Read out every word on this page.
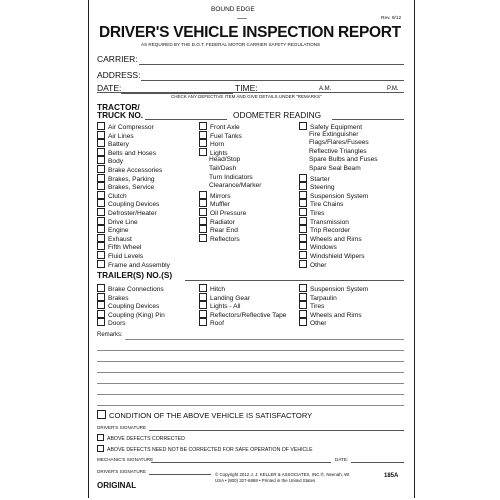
BOUND EDGE
Rev. 9/12
DRIVER'S VEHICLE INSPECTION REPORT
AS REQUIRED BY THE D.O.T. FEDERAL MOTOR CARRIER SAFETY REGULATIONS
CARRIER:
ADDRESS:
DATE:	TIME:	A.M.	P.M.
CHECK ANY DEFECTIVE ITEM AND GIVE DETAILS UNDER "REMARKS"
TRACTOR/
TRUCK NO.	ODOMETER READING
Air Compressor
Air Lines
Battery
Belts and Hoses
Body
Brake Accessories
Brakes, Parking
Brakes, Service
Clutch
Coupling Devices
Defroster/Heater
Drive Line
Engine
Exhaust
Fifth Wheel
Fluid Levels
Frame and Assembly
Front Axle
Fuel Tanks
Horn
Lights
Head/Stop
Tail/Dash
Turn Indicators
Clearance/Marker
Mirrors
Muffler
Oil Pressure
Radiator
Rear End
Reflectors
Safety Equipment
Fire Extinguisher
Flags/Flares/Fusees
Reflective Triangles
Spare Bulbs and Fuses
Spare Seal Beam
Starter
Steering
Suspension System
Tire Chains
Tires
Transmission
Trip Recorder
Wheels and Rims
Windows
Windshield Wipers
Other
TRAILER(S) NO.(S)
Brake Connections
Brakes
Coupling Devices
Coupling (King) Pin
Doors
Hitch
Landing Gear
Lights - All
Reflectors/Reflective Tape
Roof
Suspension System
Tarpaulin
Tires
Wheels and Rims
Other
Remarks:
CONDITION OF THE ABOVE VEHICLE IS SATISFACTORY
DRIVER'S SIGNATURE
ABOVE DEFECTS CORRECTED
ABOVE DEFECTS NEED NOT BE CORRECTED FOR SAFE OPERATION OF VEHICLE
MECHANIC'S SIGNATURE	DATE:
DRIVER'S SIGNATURE
© Copyright 2012 J. J. KELLER & ASSOCIATES, INC.®, Neenah, WI
USA • (800) 327-6868 • Printed in the United States
ORIGINAL
185A
